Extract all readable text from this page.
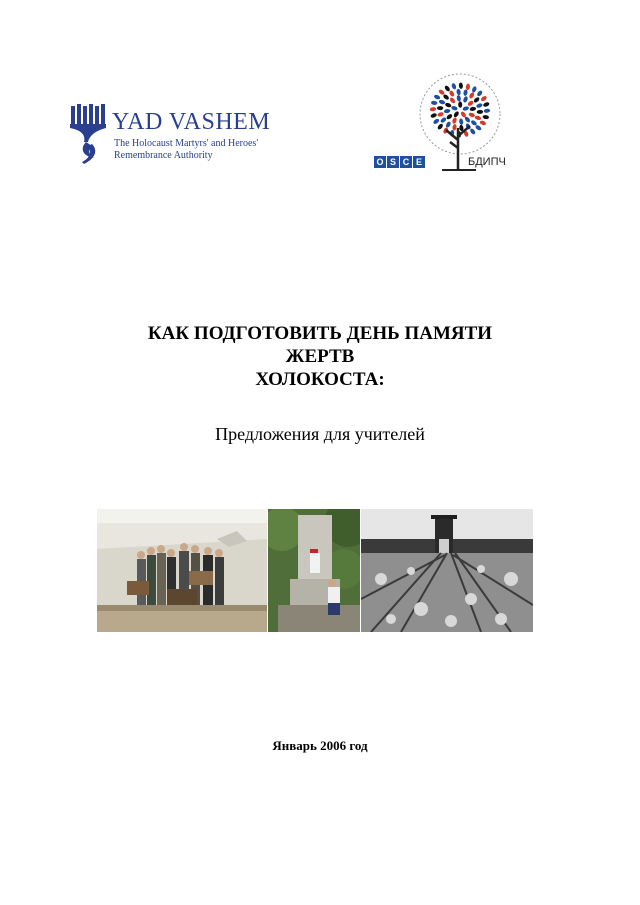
YAD VASHEM
The Holocaust Martyrs' and Heroes'
Remembrance Authority
O S C E	БДИПЧ
КАК ПОДГОТОВИТЬ ДЕНЬ ПАМЯТИ
ЖЕРТВ
ХОЛОКОСТА:
Предложения для учителей
Январь 2006 год
